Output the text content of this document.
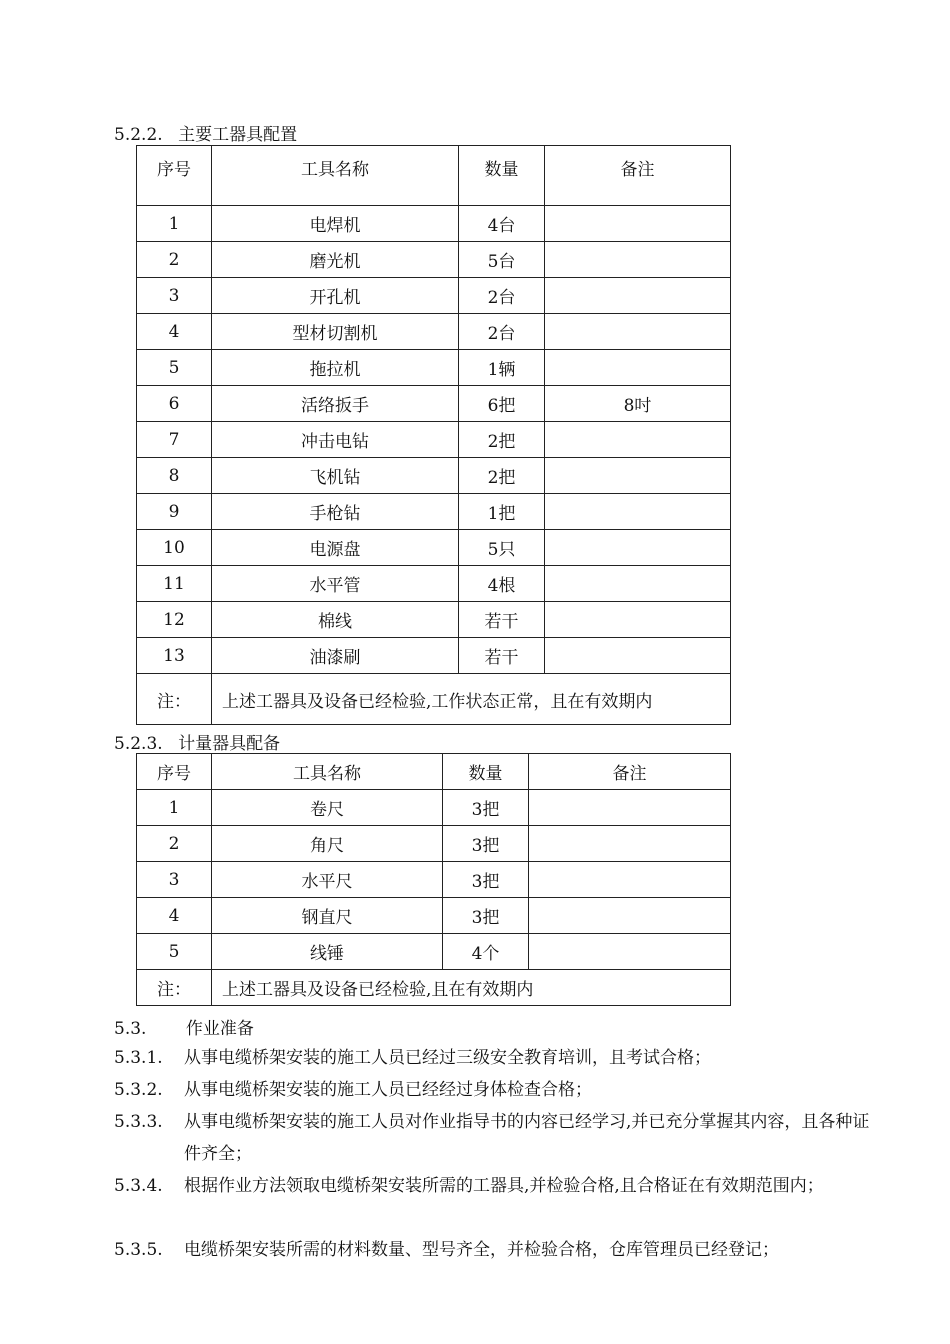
5.2.2. 主要工器具配置
序号	工具名称	数量	备注
1	电焊机	4台	
2	磨光机	5台	
3	开孔机	2台	
4	型材切割机	2台	
5	拖拉机	1辆	
6	活络扳手	6把	8吋
7	冲击电钻	2把	
8	飞机钻	2把	
9	手枪钻	1把	
10	电源盘	5只	
11	水平管	4根	
12	棉线	若干	
13	油漆刷	若干	
注：	上述工器具及设备已经检验,工作状态正常，且在有效期内		
5.2.3. 计量器具配备
序号	工具名称	数量	备注
1	卷尺	3把	
2	角尺	3把	
3	水平尺	3把	
4	钢直尺	3把	
5	线锤	4个	
注：	上述工器具及设备已经检验,且在有效期内		
5.3. 作业准备
5.3.1. 从事电缆桥架安装的施工人员已经过三级安全教育培训，且考试合格；
5.3.2. 从事电缆桥架安装的施工人员已经经过身体检查合格；
5.3.3. 从事电缆桥架安装的施工人员对作业指导书的内容已经学习,并已充分掌握其内容，且各种证件齐全；
5.3.4. 根据作业方法领取电缆桥架安装所需的工器具,并检验合格,且合格证在有效期范围内；
5.3.5. 电缆桥架安装所需的材料数量、型号齐全，并检验合格，仓库管理员已经登记；
